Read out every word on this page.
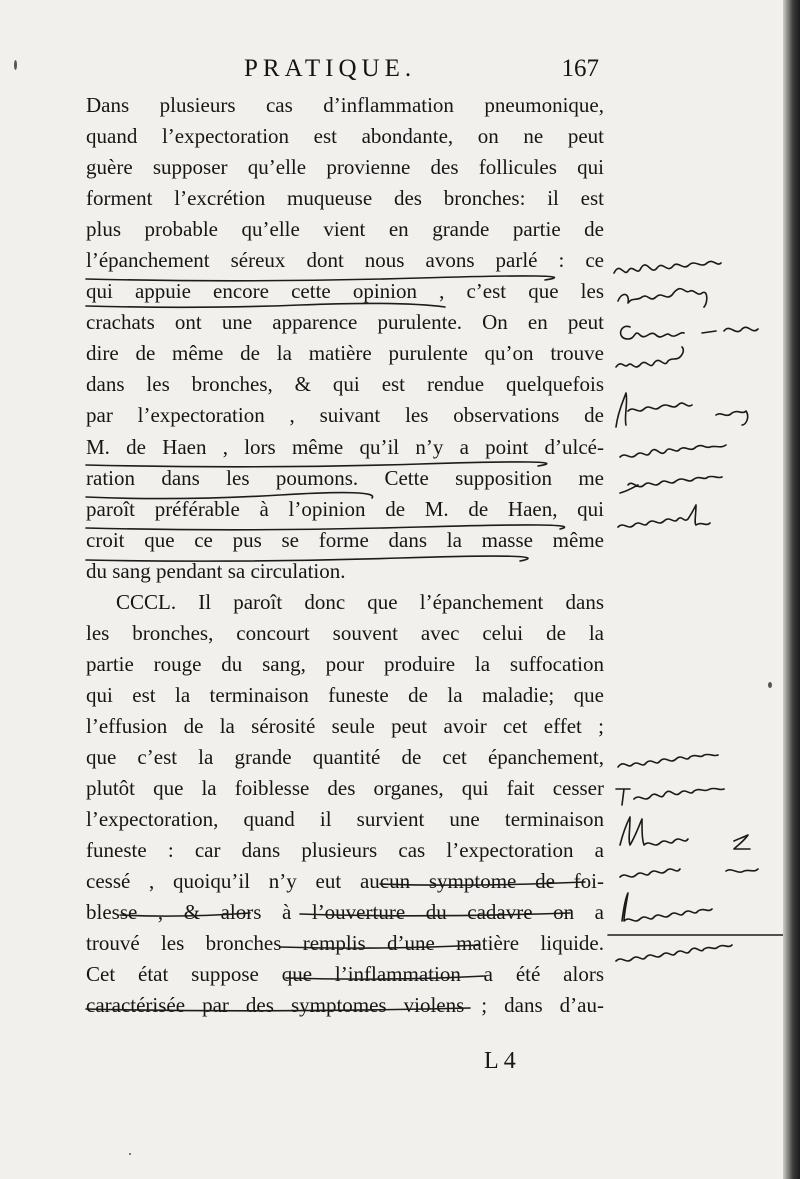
PRATIQUE.	167
Dans plusieurs cas d’inflammation pneumonique,
quand l’expectoration est abondante, on ne peut
guère supposer qu’elle provienne des follicules qui
forment l’excrétion muqueuse des bronches: il est
plus probable qu’elle vient en grande partie de
l’épanchement séreux dont nous avons parlé : ce
qui appuie encore cette opinion , c’est que les
crachats ont une apparence purulente. On en peut
dire de même de la matière purulente qu’on trouve
dans les bronches, & qui est rendue quelquefois
par l’expectoration , suivant les observations de
M. de Haen , lors même qu’il n’y a point d’ulcé-
ration dans les poumons. Cette supposition me
paroît préférable à l’opinion de M. de Haen, qui
croit que ce pus se forme dans la masse même
du sang pendant sa circulation.
CCCL. Il paroît donc que l’épanchement dans
les bronches, concourt souvent avec celui de la
partie rouge du sang, pour produire la suffocation
qui est la terminaison funeste de la maladie; que
l’effusion de la sérosité seule peut avoir cet effet ;
que c’est la grande quantité de cet épanchement,
plutôt que la foiblesse des organes, qui fait cesser
l’expectoration, quand il survient une terminaison
funeste : car dans plusieurs cas l’expectoration a
cessé , quoiqu’il n’y eut aucun symptome de foi-
blesse , & alors à l’ouverture du cadavre on a
trouvé les bronches remplis d’une matière liquide.
Cet état suppose que l’inflammation a été alors
caractérisée par des symptomes violens ; dans d’au-
L 4
